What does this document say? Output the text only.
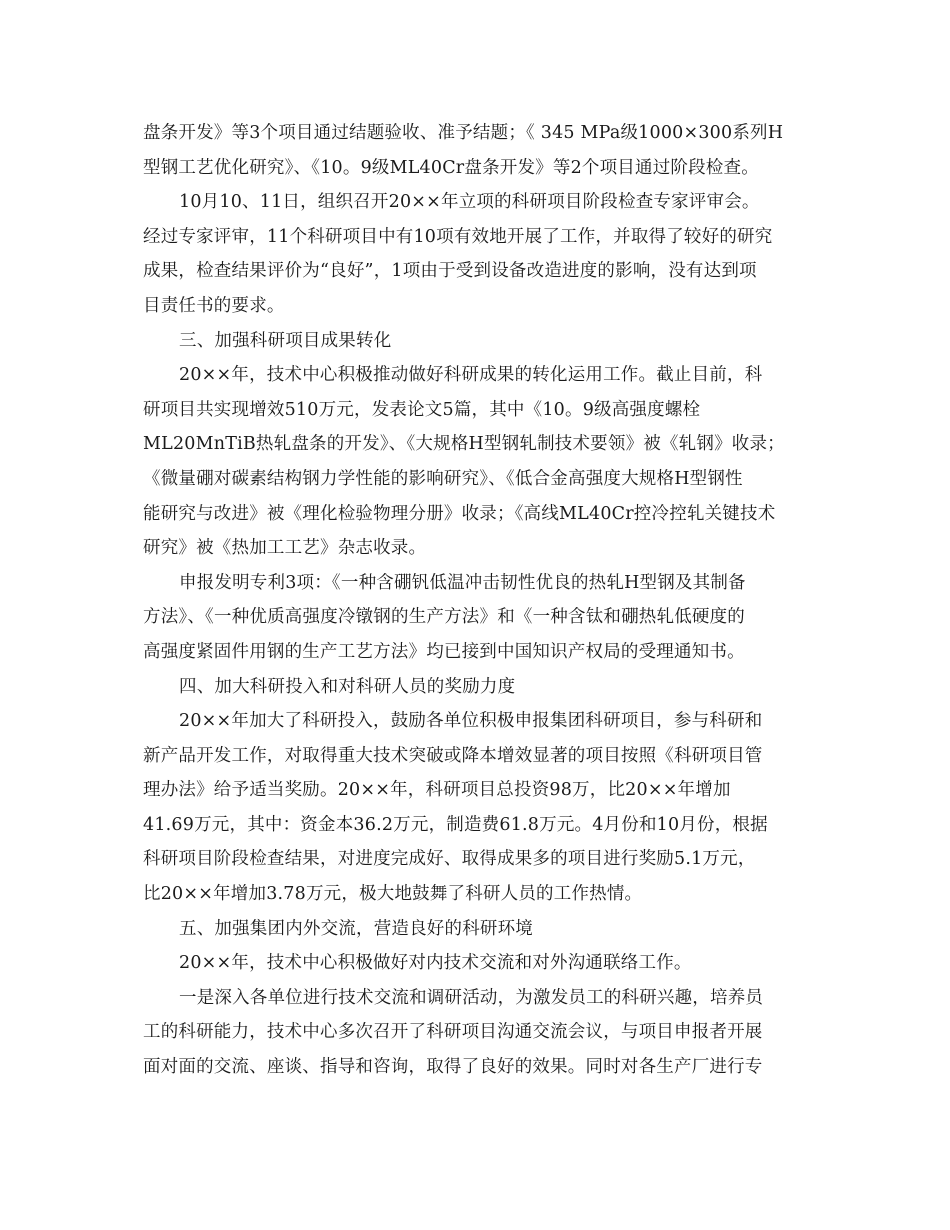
盘条开发》等3个项目通过结题验收、准予结题；《 345 MPa级1000×300系列H
型钢工艺优化研究》、《10。9级ML40Cr盘条开发》等2个项目通过阶段检查。
10月10、11日，组织召开20××年立项的科研项目阶段检查专家评审会。
经过专家评审，11个科研项目中有10项有效地开展了工作，并取得了较好的研究
成果，检查结果评价为“良好”，1项由于受到设备改造进度的影响，没有达到项
目责任书的要求。
三、加强科研项目成果转化
20××年，技术中心积极推动做好科研成果的转化运用工作。截止目前，科
研项目共实现增效510万元，发表论文5篇，其中《10。9级高强度螺栓
ML20MnTiB热轧盘条的开发》、《大规格H型钢轧制技术要领》被《轧钢》收录；
《微量硼对碳素结构钢力学性能的影响研究》、《低合金高强度大规格H型钢性
能研究与改进》被《理化检验物理分册》收录；《高线ML40Cr控冷控轧关键技术
研究》被《热加工工艺》杂志收录。
申报发明专利3项：《一种含硼钒低温冲击韧性优良的热轧H型钢及其制备
方法》、《一种优质高强度冷镦钢的生产方法》和《一种含钛和硼热轧低硬度的
高强度紧固件用钢的生产工艺方法》均已接到中国知识产权局的受理通知书。
四、加大科研投入和对科研人员的奖励力度
20××年加大了科研投入，鼓励各单位积极申报集团科研项目，参与科研和
新产品开发工作，对取得重大技术突破或降本增效显著的项目按照《科研项目管
理办法》给予适当奖励。20××年，科研项目总投资98万，比20××年增加
41.69万元，其中：资金本36.2万元，制造费61.8万元。4月份和10月份，根据
科研项目阶段检查结果，对进度完成好、取得成果多的项目进行奖励5.1万元，
比20××年增加3.78万元，极大地鼓舞了科研人员的工作热情。
五、加强集团内外交流，营造良好的科研环境
20××年，技术中心积极做好对内技术交流和对外沟通联络工作。
一是深入各单位进行技术交流和调研活动，为激发员工的科研兴趣，培养员
工的科研能力，技术中心多次召开了科研项目沟通交流会议，与项目申报者开展
面对面的交流、座谈、指导和咨询，取得了良好的效果。同时对各生产厂进行专
